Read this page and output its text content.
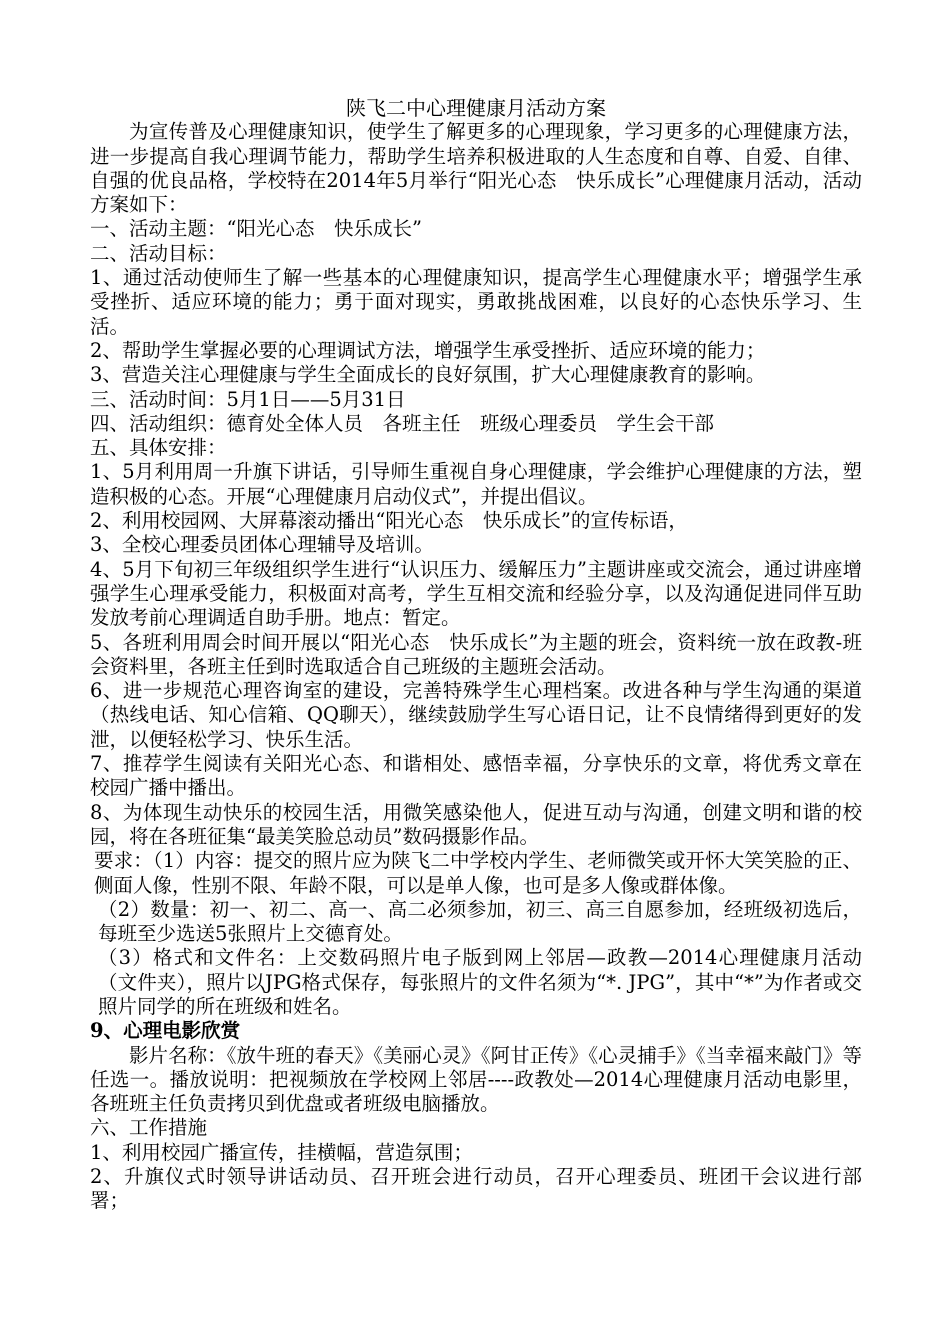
陕飞二中心理健康月活动方案

为宣传普及心理健康知识，使学生了解更多的心理现象，学习更多的心理健康方法，进一步提高自我心理调节能力，帮助学生培养积极进取的人生态度和自尊、自爱、自律、自强的优良品格，学校特在2014年5月举行“阳光心态　快乐成长”心理健康月活动，活动方案如下：

一、活动主题：“阳光心态　快乐成长”

二、活动目标：

1、通过活动使师生了解一些基本的心理健康知识，提高学生心理健康水平；增强学生承受挫折、适应环境的能力；勇于面对现实，勇敢挑战困难，以良好的心态快乐学习、生活。

2、帮助学生掌握必要的心理调试方法，增强学生承受挫折、适应环境的能力；

3、营造关注心理健康与学生全面成长的良好氛围，扩大心理健康教育的影响。

三、活动时间：5月1日——5月31日

四、活动组织：德育处全体人员　各班主任　班级心理委员　学生会干部

五、具体安排：

1、5月利用周一升旗下讲话，引导师生重视自身心理健康，学会维护心理健康的方法，塑造积极的心态。开展“心理健康月启动仪式”，并提出倡议。

2、利用校园网、大屏幕滚动播出“阳光心态　快乐成长”的宣传标语，

3、全校心理委员团体心理辅导及培训。

4、5月下旬初三年级组织学生进行“认识压力、缓解压力”主题讲座或交流会，通过讲座增强学生心理承受能力，积极面对高考，学生互相交流和经验分享，以及沟通促进同伴互助发放考前心理调适自助手册。地点：暂定。

5、各班利用周会时间开展以“阳光心态　快乐成长”为主题的班会，资料统一放在政教-班会资料里，各班主任到时选取适合自己班级的主题班会活动。

6、进一步规范心理咨询室的建设，完善特殊学生心理档案。改进各种与学生沟通的渠道（热线电话、知心信箱、QQ聊天），继续鼓励学生写心语日记，让不良情绪得到更好的发泄，以便轻松学习、快乐生活。

7、推荐学生阅读有关阳光心态、和谐相处、感悟幸福，分享快乐的文章，将优秀文章在校园广播中播出。

8、为体现生动快乐的校园生活，用微笑感染他人，促进互动与沟通，创建文明和谐的校园，将在各班征集“最美笑脸总动员”数码摄影作品。

要求：（1）内容：提交的照片应为陕飞二中学校内学生、老师微笑或开怀大笑笑脸的正、侧面人像，性别不限、年龄不限，可以是单人像，也可是多人像或群体像。

（2）数量：初一、初二、高一、高二必须参加，初三、高三自愿参加，经班级初选后，每班至少选送5张照片上交德育处。

（3）格式和文件名：上交数码照片电子版到网上邻居—政教—2014心理健康月活动（文件夹），照片以JPG格式保存，每张照片的文件名须为“*. JPG”，其中“*”为作者或交照片同学的所在班级和姓名。

9、心理电影欣赏

影片名称：《放牛班的春天》《美丽心灵》《阿甘正传》《心灵捕手》《当幸福来敲门》等任选一。播放说明：把视频放在学校网上邻居----政教处—2014心理健康月活动电影里，各班班主任负责拷贝到优盘或者班级电脑播放。

六、工作措施

1、利用校园广播宣传，挂横幅，营造氛围；

2、升旗仪式时领导讲话动员、召开班会进行动员，召开心理委员、班团干会议进行部署；
